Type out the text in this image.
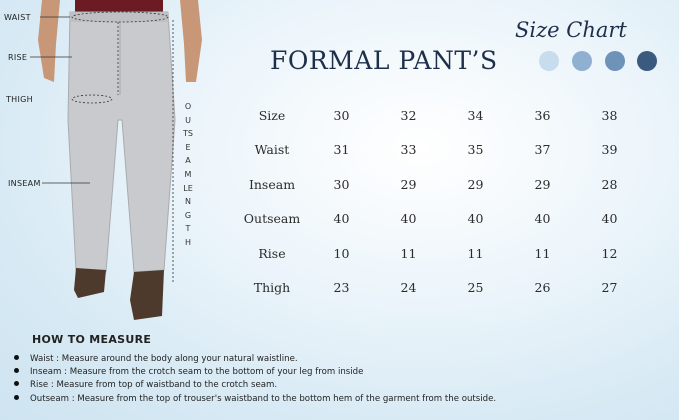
WAIST
RISE
THIGH
INSEAM
OUTSEAM LENGTH
FORMAL PANT’S
Size Chart
Size	30	32	34	36	38
Waist	31	33	35	37	39
Inseam	30	29	29	29	28
Outseam	40	40	40	40	40
Rise	10	11	11	11	12
Thigh	23	24	25	26	27
HOW TO MEASURE
Waist : Measure around the body along your natural waistline.
Inseam : Measure from the crotch seam to the bottom of your leg from inside
Rise : Measure from top of waistband to the crotch seam.
Outseam : Measure from the top of trouser's waistband to the bottom hem of the garment from the outside.
